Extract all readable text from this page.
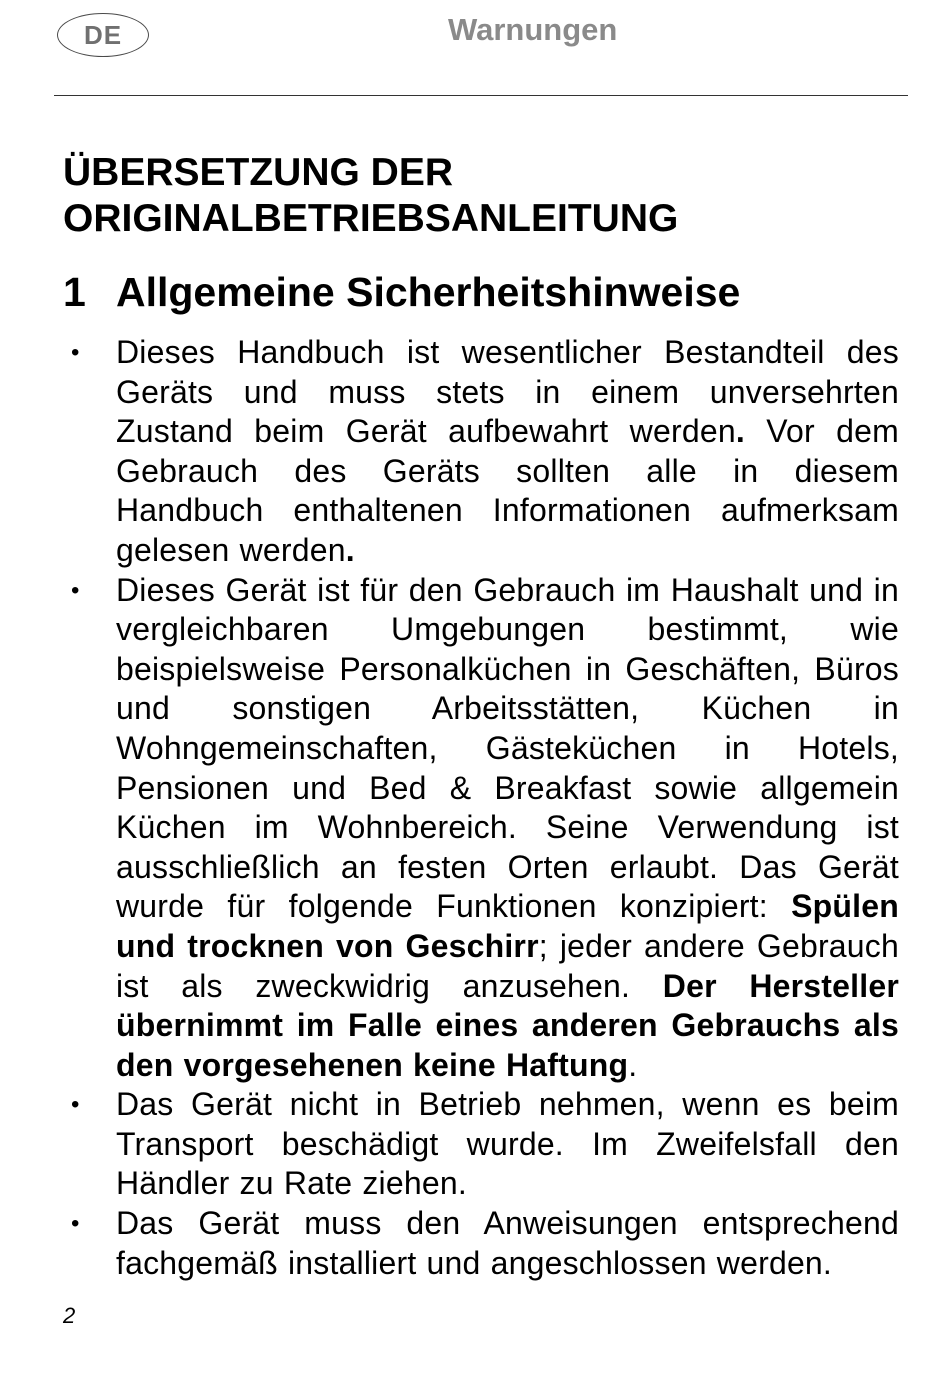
DE	Warnungen
ÜBERSETZUNG DER
ORIGINALBETRIEBSANLEITUNG
1 Allgemeine Sicherheitshinweise
• Dieses Handbuch ist wesentlicher Bestandteil des Geräts und muss stets in einem unversehrten Zustand beim Gerät aufbewahrt werden. Vor dem Gebrauch des Geräts sollten alle in diesem Handbuch enthaltenen Informationen aufmerksam gelesen werden.
• Dieses Gerät ist für den Gebrauch im Haushalt und in vergleichbaren Umgebungen bestimmt, wie beispielsweise Personalküchen in Geschäften, Büros und sonstigen Arbeitsstätten, Küchen in Wohngemeinschaften, Gästeküchen in Hotels, Pensionen und Bed & Breakfast sowie allgemein Küchen im Wohnbereich. Seine Verwendung ist ausschließlich an festen Orten erlaubt. Das Gerät wurde für folgende Funktionen konzipiert: Spülen und trocknen von Geschirr; jeder andere Gebrauch ist als zweckwidrig anzusehen. Der Hersteller übernimmt im Falle eines anderen Gebrauchs als den vorgesehenen keine Haftung.
• Das Gerät nicht in Betrieb nehmen, wenn es beim Transport beschädigt wurde. Im Zweifelsfall den Händler zu Rate ziehen.
• Das Gerät muss den Anweisungen entsprechend fachgemäß installiert und angeschlossen werden.
2
